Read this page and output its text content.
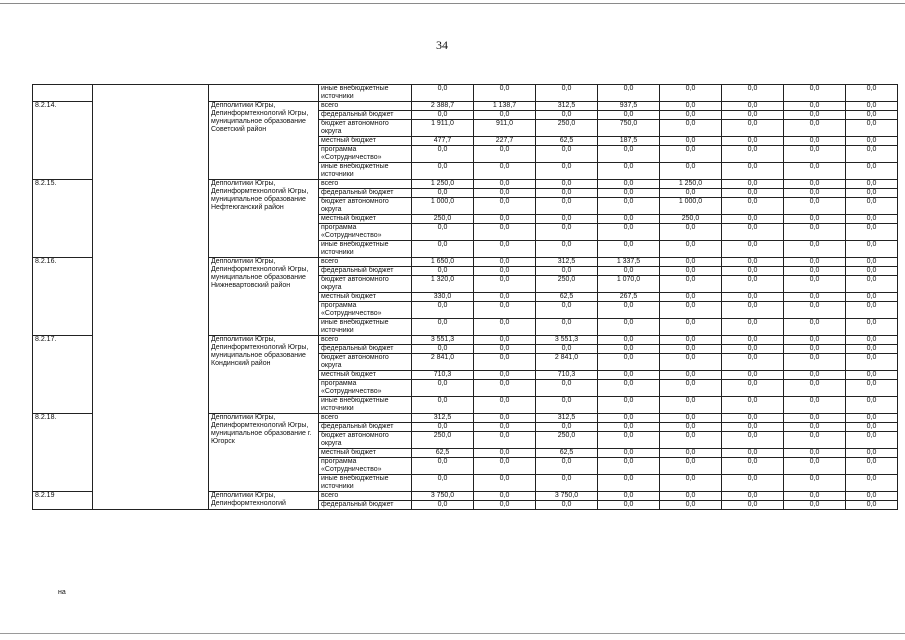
34
			иные внебюджетные источники	0,0	0,0	0,0	0,0	0,0	0,0	0,0	0,0
8.2.14.		Депполитики Югры, Депинформтехнологий Югры, муниципальное образование Советский район	всего	2 388,7	1 138,7	312,5	937,5	0,0	0,0	0,0	0,0
			федеральный бюджет	0,0	0,0	0,0	0,0	0,0	0,0	0,0	0,0
			бюджет автономного округа	1 911,0	911,0	250,0	750,0	0,0	0,0	0,0	0,0
			местный бюджет	477,7	227,7	62,5	187,5	0,0	0,0	0,0	0,0
			программа «Сотрудничество»	0,0	0,0	0,0	0,0	0,0	0,0	0,0	0,0
			иные внебюджетные источники	0,0	0,0	0,0	0,0	0,0	0,0	0,0	0,0
8.2.15.		Депполитики Югры, Депинформтехнологий Югры, муниципальное образование Нефтеюганский район	всего	1 250,0	0,0	0,0	0,0	1 250,0	0,0	0,0	0,0
			федеральный бюджет	0,0	0,0	0,0	0,0	0,0	0,0	0,0	0,0
			бюджет автономного округа	1 000,0	0,0	0,0	0,0	1 000,0	0,0	0,0	0,0
			местный бюджет	250,0	0,0	0,0	0,0	250,0	0,0	0,0	0,0
			программа «Сотрудничество»	0,0	0,0	0,0	0,0	0,0	0,0	0,0	0,0
			иные внебюджетные источники	0,0	0,0	0,0	0,0	0,0	0,0	0,0	0,0
8.2.16.		Депполитики Югры, Депинформтехнологий Югры, муниципальное образование Нижневартовский район	всего	1 650,0	0,0	312,5	1 337,5	0,0	0,0	0,0	0,0
			федеральный бюджет	0,0	0,0	0,0	0,0	0,0	0,0	0,0	0,0
			бюджет автономного округа	1 320,0	0,0	250,0	1 070,0	0,0	0,0	0,0	0,0
			местный бюджет	330,0	0,0	62,5	267,5	0,0	0,0	0,0	0,0
			программа «Сотрудничество»	0,0	0,0	0,0	0,0	0,0	0,0	0,0	0,0
			иные внебюджетные источники	0,0	0,0	0,0	0,0	0,0	0,0	0,0	0,0
8.2.17.		Депполитики Югры, Депинформтехнологий Югры, муниципальное образование Кондинский район	всего	3 551,3	0,0	3 551,3	0,0	0,0	0,0	0,0	0,0
			федеральный бюджет	0,0	0,0	0,0	0,0	0,0	0,0	0,0	0,0
			бюджет автономного округа	2 841,0	0,0	2 841,0	0,0	0,0	0,0	0,0	0,0
			местный бюджет	710,3	0,0	710,3	0,0	0,0	0,0	0,0	0,0
			программа «Сотрудничество»	0,0	0,0	0,0	0,0	0,0	0,0	0,0	0,0
			иные внебюджетные источники	0,0	0,0	0,0	0,0	0,0	0,0	0,0	0,0
8.2.18.		Депполитики Югры, Депинформтехнологий Югры, муниципальное образование г. Югорск	всего	312,5	0,0	312,5	0,0	0,0	0,0	0,0	0,0
			федеральный бюджет	0,0	0,0	0,0	0,0	0,0	0,0	0,0	0,0
			бюджет автономного округа	250,0	0,0	250,0	0,0	0,0	0,0	0,0	0,0
			местный бюджет	62,5	0,0	62,5	0,0	0,0	0,0	0,0	0,0
			программа «Сотрудничество»	0,0	0,0	0,0	0,0	0,0	0,0	0,0	0,0
			иные внебюджетные источники	0,0	0,0	0,0	0,0	0,0	0,0	0,0	0,0
8.2.19		Депполитики Югры, Депинформтехнологий	всего	3 750,0	0,0	3 750,0	0,0	0,0	0,0	0,0	0,0
			федеральный бюджет	0,0	0,0	0,0	0,0	0,0	0,0	0,0	0,0
на
